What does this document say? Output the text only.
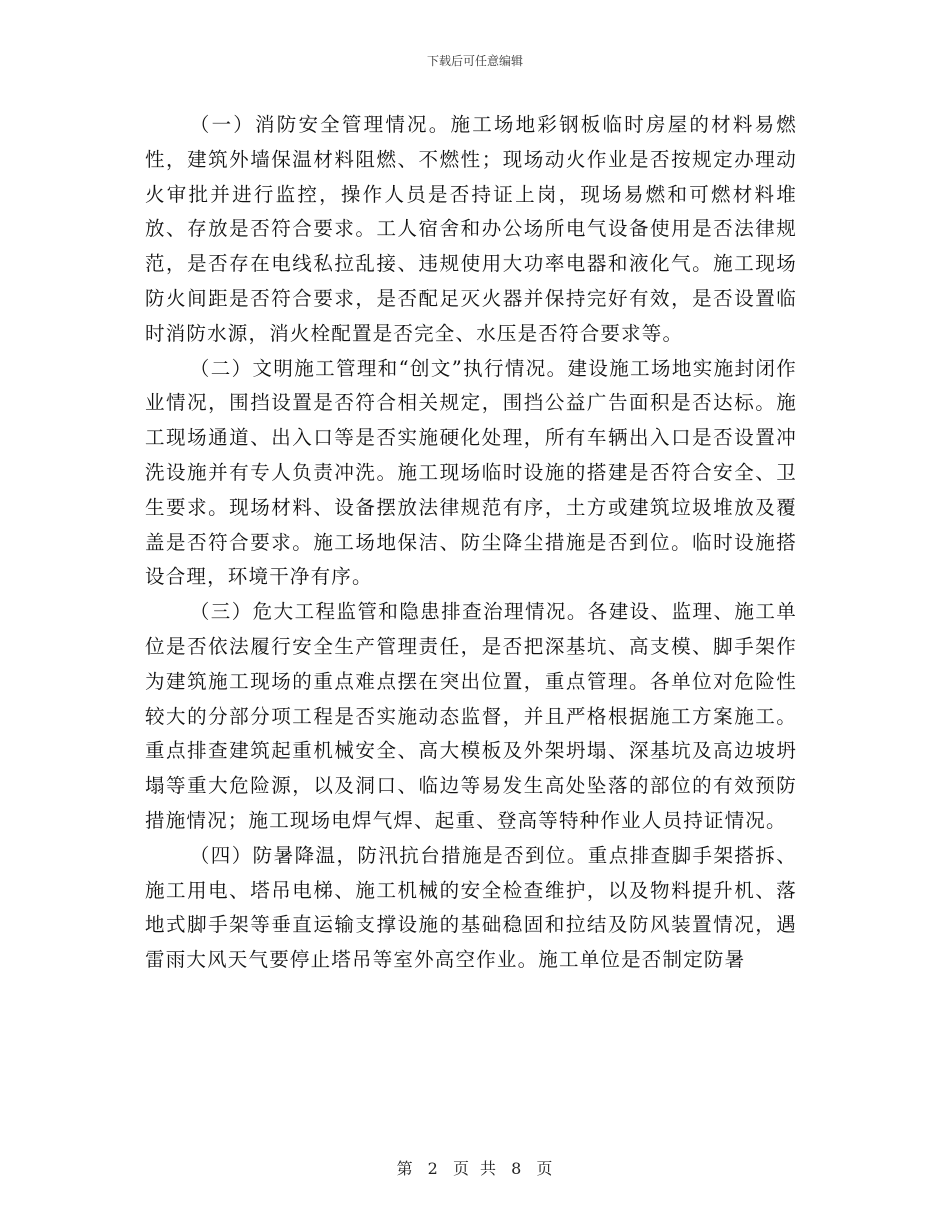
下载后可任意编辑

（一）消防安全管理情况。施工场地彩钢板临时房屋的材料易燃性，建筑外墙保温材料阻燃、不燃性；现场动火作业是否按规定办理动火审批并进行监控，操作人员是否持证上岗，现场易燃和可燃材料堆放、存放是否符合要求。工人宿舍和办公场所电气设备使用是否法律规范，是否存在电线私拉乱接、违规使用大功率电器和液化气。施工现场防火间距是否符合要求，是否配足灭火器并保持完好有效，是否设置临时消防水源，消火栓配置是否完全、水压是否符合要求等。

（二）文明施工管理和“创文”执行情况。建设施工场地实施封闭作业情况，围挡设置是否符合相关规定，围挡公益广告面积是否达标。施工现场通道、出入口等是否实施硬化处理，所有车辆出入口是否设置冲洗设施并有专人负责冲洗。施工现场临时设施的搭建是否符合安全、卫生要求。现场材料、设备摆放法律规范有序，土方或建筑垃圾堆放及覆盖是否符合要求。施工场地保洁、防尘降尘措施是否到位。临时设施搭设合理，环境干净有序。

（三）危大工程监管和隐患排查治理情况。各建设、监理、施工单位是否依法履行安全生产管理责任，是否把深基坑、高支模、脚手架作为建筑施工现场的重点难点摆在突出位置，重点管理。各单位对危险性较大的分部分项工程是否实施动态监督，并且严格根据施工方案施工。重点排查建筑起重机械安全、高大模板及外架坍塌、深基坑及高边坡坍塌等重大危险源，以及洞口、临边等易发生高处坠落的部位的有效预防措施情况；施工现场电焊气焊、起重、登高等特种作业人员持证情况。

（四）防暑降温，防汛抗台措施是否到位。重点排查脚手架搭拆、施工用电、塔吊电梯、施工机械的安全检查维护，以及物料提升机、落地式脚手架等垂直运输支撑设施的基础稳固和拉结及防风装置情况，遇雷雨大风天气要停止塔吊等室外高空作业。施工单位是否制定防暑

第 2 页 共 8 页
